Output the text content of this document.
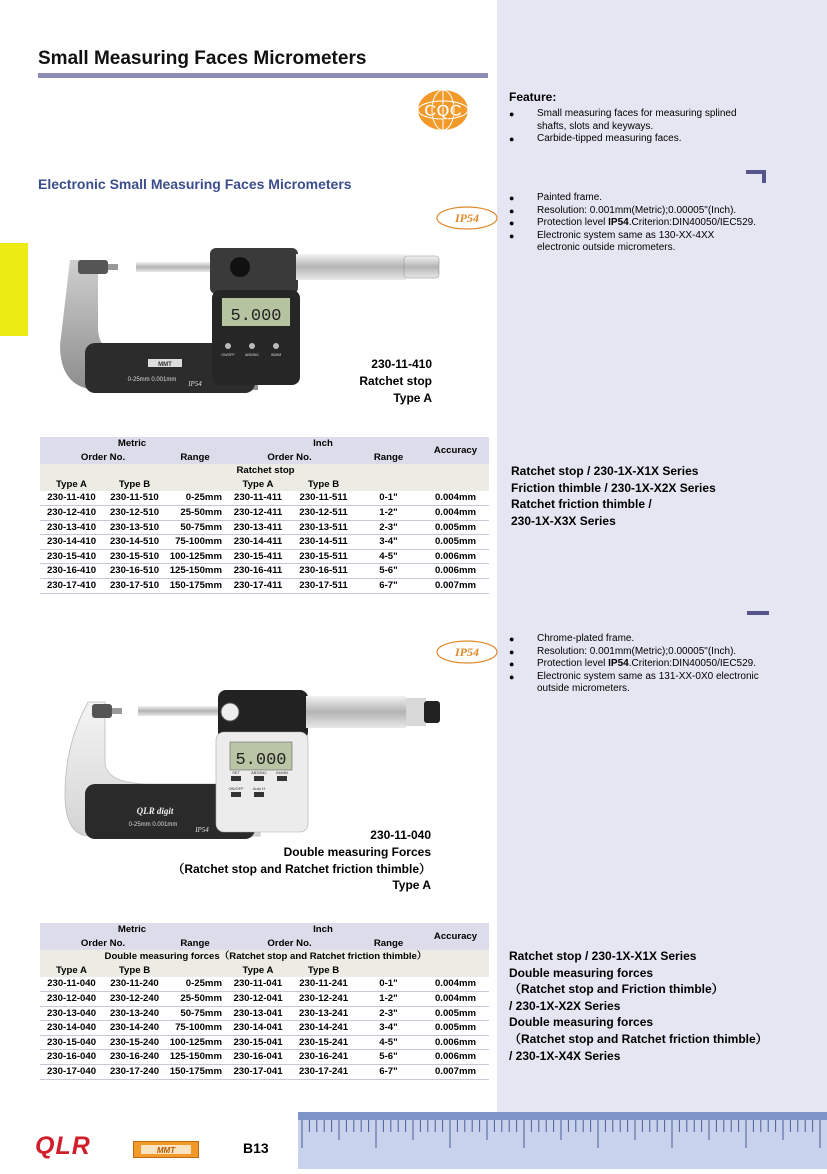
Small Measuring Faces Micrometers
Electronic Small Measuring Faces Micrometers
CQC
Feature:
● Small measuring faces for measuring splined shafts, slots and keyways.
● Carbide-tipped measuring faces.
● Painted frame.
● Resolution: 0.001mm(Metric);0.00005"(Inch).
● Protection level IP54.Criterion:DIN40050/IEC529.
● Electronic system same as 130-XX-4XX electronic outside micrometers.
IP54
IP54
5.000
ON/OFF	ABS/INC	IN/MM
MMT
0-25mm 0.001mm IP54
230-11-410
Ratchet stop
Type A
Metric			Inch			Accuracy
Order No.		Range	Order No.		Range	
Ratchet stop						
Type A	Type B		Type A	Type B		
230-11-410	230-11-510	0-25mm	230-11-411	230-11-511	0-1"	0.004mm
230-12-410	230-12-510	25-50mm	230-12-411	230-12-511	1-2"	0.004mm
230-13-410	230-13-510	50-75mm	230-13-411	230-13-511	2-3"	0.005mm
230-14-410	230-14-510	75-100mm	230-14-411	230-14-511	3-4"	0.005mm
230-15-410	230-15-510	100-125mm	230-15-411	230-15-511	4-5"	0.006mm
230-16-410	230-16-510	125-150mm	230-16-411	230-16-511	5-6"	0.006mm
230-17-410	230-17-510	150-175mm	230-17-411	230-17-511	6-7"	0.007mm
Ratchet stop / 230-1X-X1X Series
Friction thimble / 230-1X-X2X Series
Ratchet friction thimble /
230-1X-X3X Series
● Chrome-plated frame.
● Resolution: 0.001mm(Metric);0.00005"(Inch).
● Protection level IP54.Criterion:DIN40050/IEC529.
● Electronic system same as 131-XX-0X0 electronic outside micrometers.
5.000
SET	ABS/INC IN/MM
ON/OFF Auto H
QLR digit
0-25mm 0.001mm
IP54	230-11-040
Double measuring Forces
（Ratchet stop and Ratchet friction thimble）
Type A
Metric			Inch			Accuracy
Order No.		Range	Order No.		Range	
Double measuring forces（Ratchet stop and Ratchet friction thimble）						
Type A	Type B		Type A	Type B		
230-11-040	230-11-240	0-25mm	230-11-041	230-11-241	0-1"	0.004mm
230-12-040	230-12-240	25-50mm	230-12-041	230-12-241	1-2"	0.004mm
230-13-040	230-13-240	50-75mm	230-13-041	230-13-241	2-3"	0.005mm
230-14-040	230-14-240	75-100mm	230-14-041	230-14-241	3-4"	0.005mm
230-15-040	230-15-240	100-125mm	230-15-041	230-15-241	4-5"	0.006mm
230-16-040	230-16-240	125-150mm	230-16-041	230-16-241	5-6"	0.006mm
230-17-040	230-17-240	150-175mm	230-17-041	230-17-241	6-7"	0.007mm
Ratchet stop / 230-1X-X1X Series
Double measuring forces
（Ratchet stop and Friction thimble）
/ 230-1X-X2X Series
Double measuring forces
（Ratchet stop and Ratchet friction thimble）
/ 230-1X-X4X Series
QLR	MMT	B13
